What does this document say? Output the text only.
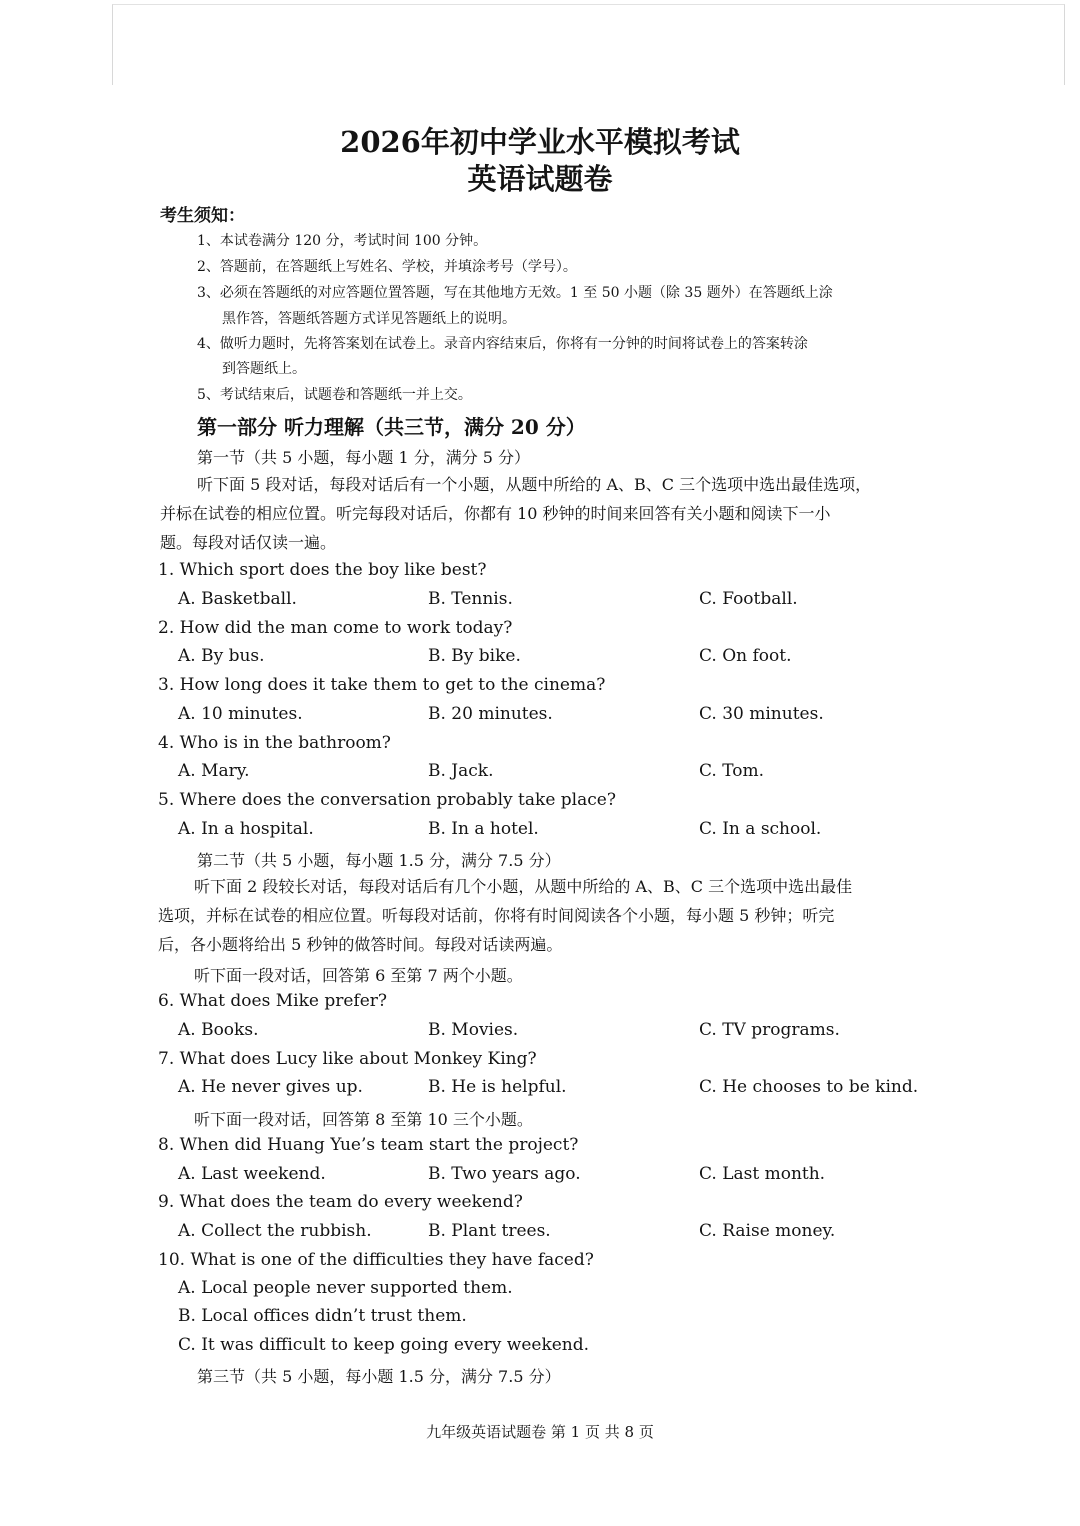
2026年初中学业水平模拟考试
英语试题卷
考生须知：
1、本试卷满分 120 分，考试时间 100 分钟。
2、答题前，在答题纸上写姓名、学校，并填涂考号（学号）。
3、必须在答题纸的对应答题位置答题，写在其他地方无效。1 至 50 小题（除 35 题外）在答题纸上涂
黑作答，答题纸答题方式详见答题纸上的说明。
4、做听力题时，先将答案划在试卷上。录音内容结束后，你将有一分钟的时间将试卷上的答案转涂
到答题纸上。
5、考试结束后，试题卷和答题纸一并上交。
第一部分 听力理解（共三节，满分 20 分）
第一节（共 5 小题，每小题 1 分，满分 5 分）
听下面 5 段对话，每段对话后有一个小题，从题中所给的 A、B、C 三个选项中选出最佳选项，
并标在试卷的相应位置。听完每段对话后，你都有 10 秒钟的时间来回答有关小题和阅读下一小
题。每段对话仅读一遍。
1. Which sport does the boy like best?
A. Basketball.	B. Tennis.	C. Football.
2. How did the man come to work today?
A. By bus.	B. By bike.	C. On foot.
3. How long does it take them to get to the cinema?
A. 10 minutes.	B. 20 minutes.	C. 30 minutes.
4. Who is in the bathroom?
A. Mary.	B. Jack.	C. Tom.
5. Where does the conversation probably take place?
A. In a hospital.	B. In a hotel.	C. In a school.
第二节（共 5 小题，每小题 1.5 分，满分 7.5 分）
听下面 2 段较长对话，每段对话后有几个小题，从题中所给的 A、B、C 三个选项中选出最佳
选项，并标在试卷的相应位置。听每段对话前，你将有时间阅读各个小题，每小题 5 秒钟；听完
后，各小题将给出 5 秒钟的做答时间。每段对话读两遍。
听下面一段对话，回答第 6 至第 7 两个小题。
6. What does Mike prefer?
A. Books.	B. Movies.	C. TV programs.
7. What does Lucy like about Monkey King?
A. He never gives up.	B. He is helpful.	C. He chooses to be kind.
听下面一段对话，回答第 8 至第 10 三个小题。
8. When did Huang Yue’s team start the project?
A. Last weekend.	B. Two years ago.	C. Last month.
9. What does the team do every weekend?
A. Collect the rubbish.	B. Plant trees.	C. Raise money.
10. What is one of the difficulties they have faced?
A. Local people never supported them.
B. Local offices didn’t trust them.
C. It was difficult to keep going every weekend.
第三节（共 5 小题，每小题 1.5 分，满分 7.5 分）
九年级英语试题卷 第 1 页 共 8 页
